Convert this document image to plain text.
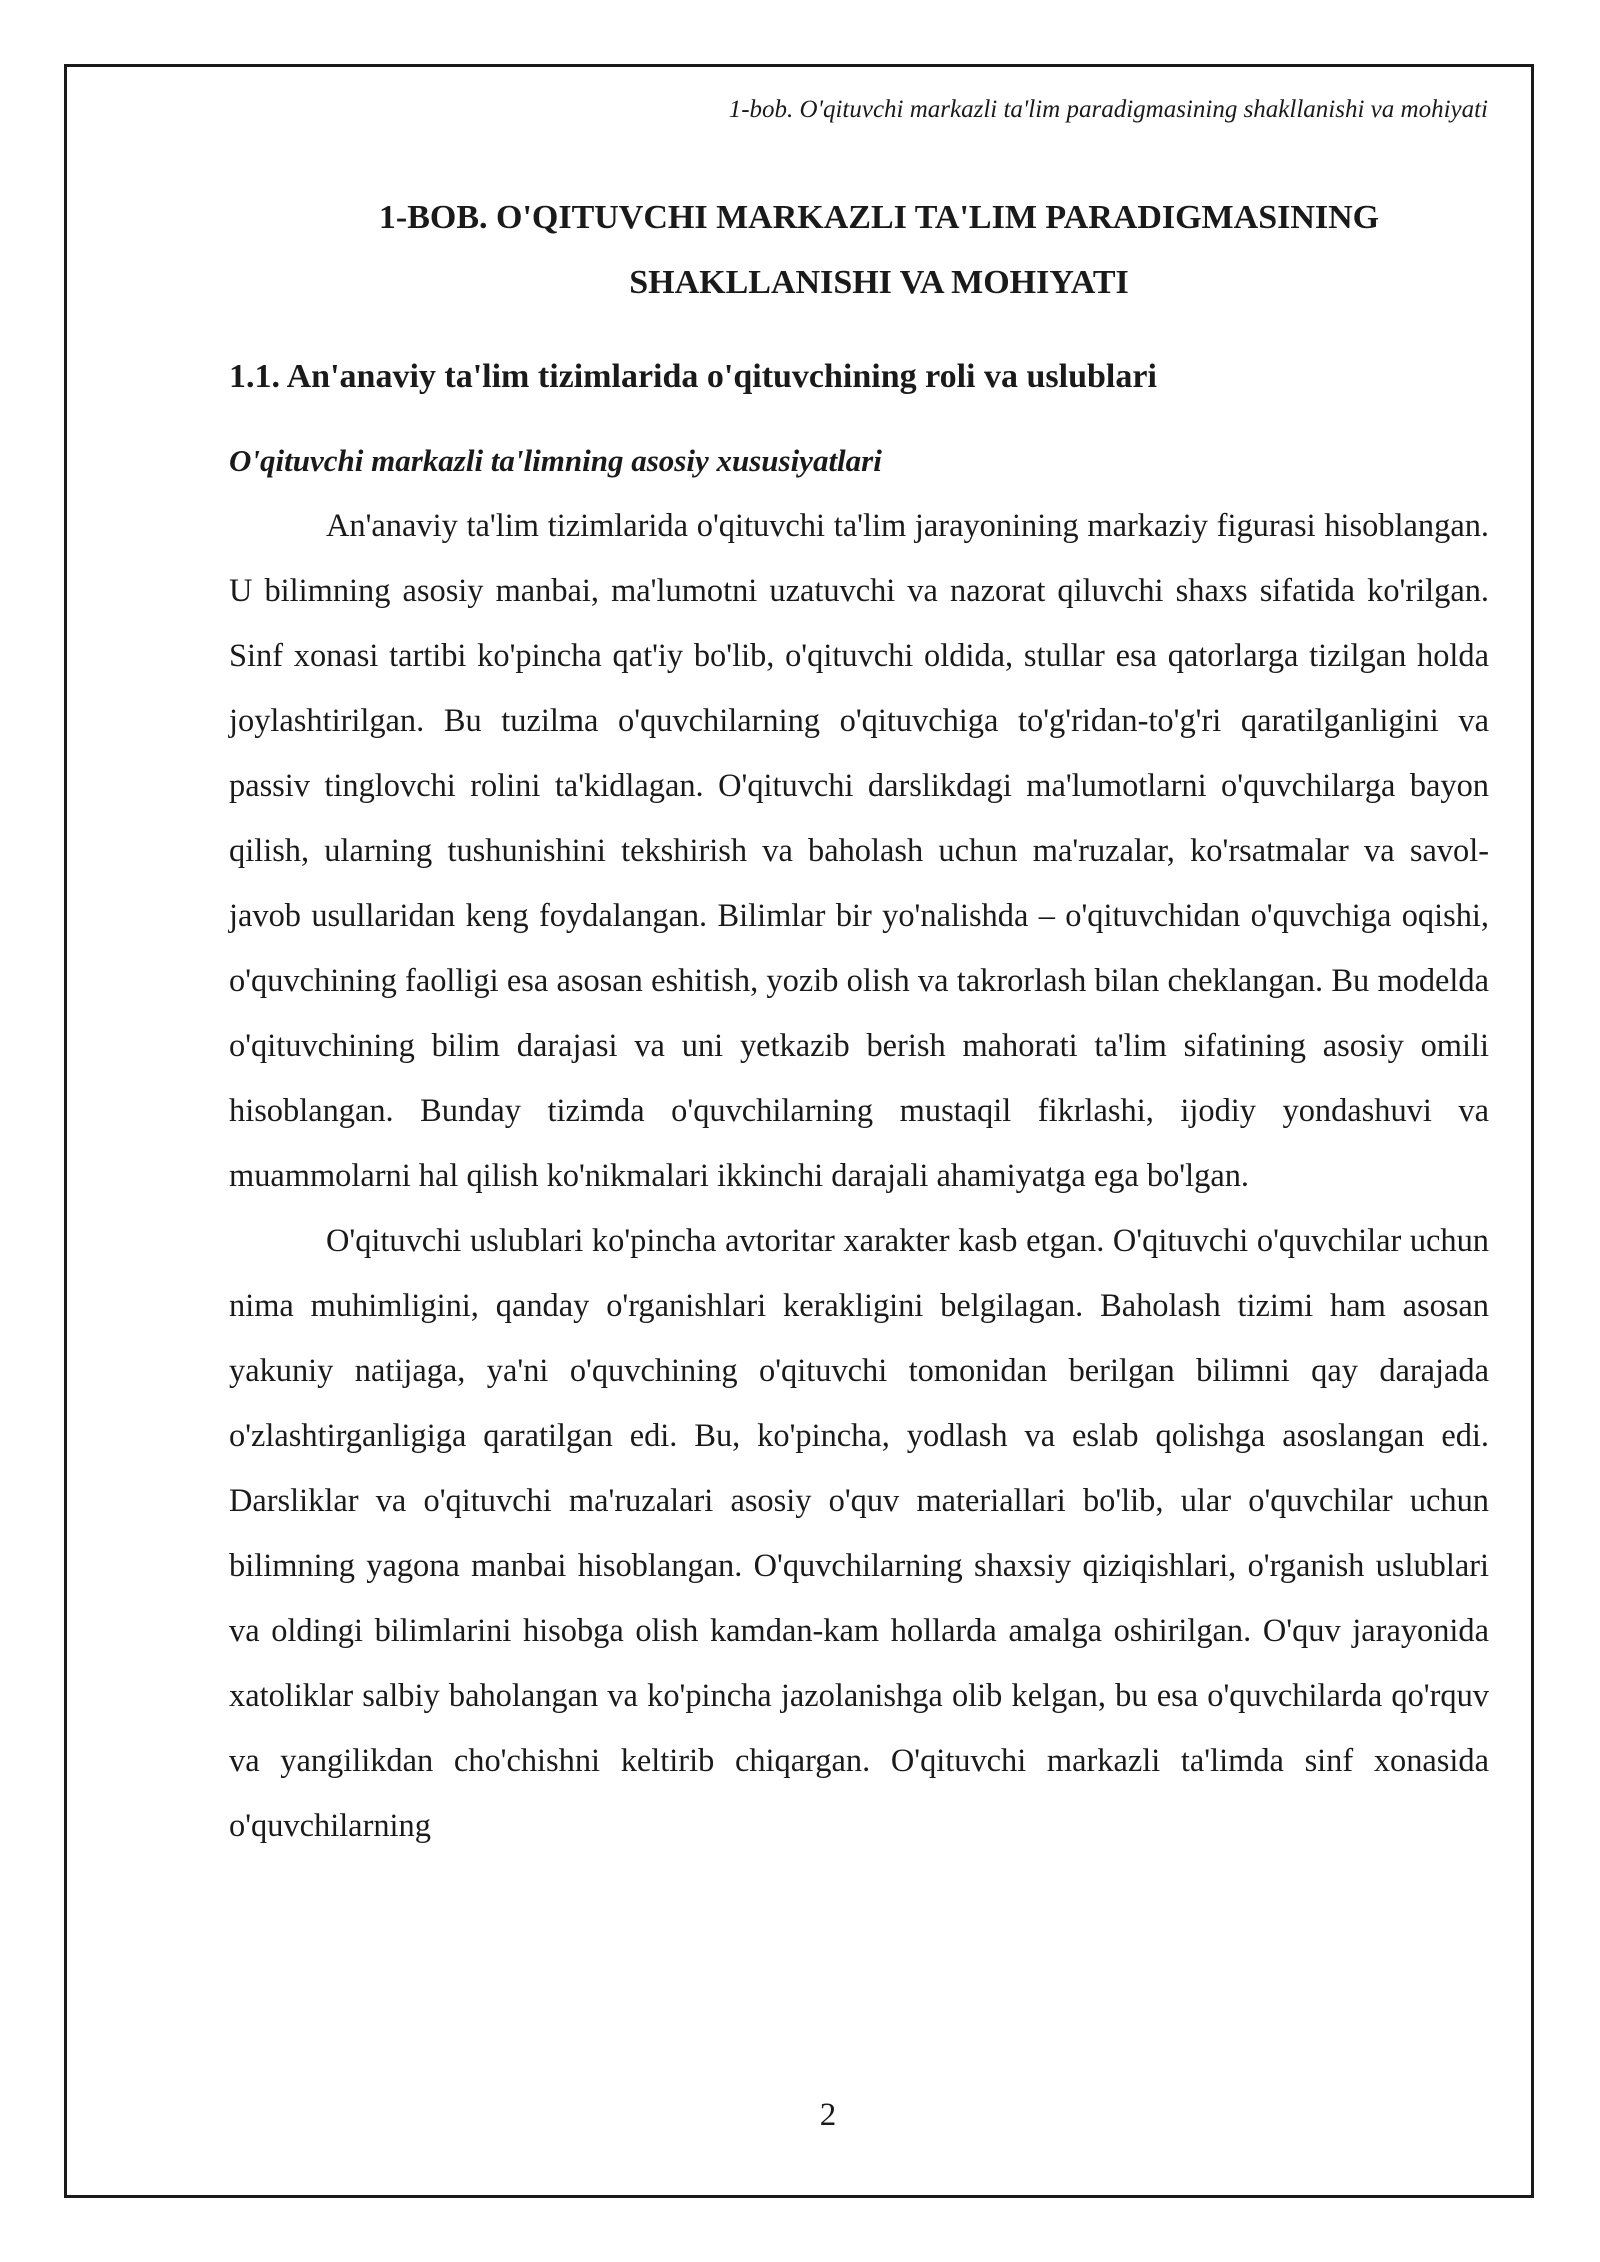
1-bob. O'qituvchi markazli ta'lim paradigmasining shakllanishi va mohiyati
1-BOB. O'QITUVCHI MARKAZLI TA'LIM PARADIGMASINING
SHAKLLANISHI VA MOHIYATI
1.1. An'anaviy ta'lim tizimlarida o'qituvchining roli va uslublari
O'qituvchi markazli ta'limning asosiy xususiyatlari

An'anaviy ta'lim tizimlarida o'qituvchi ta'lim jarayonining markaziy figurasi hisoblangan. U bilimning asosiy manbai, ma'lumotni uzatuvchi va nazorat qiluvchi shaxs sifatida ko'rilgan. Sinf xonasi tartibi ko'pincha qat'iy bo'lib, o'qituvchi oldida, stullar esa qatorlarga tizilgan holda joylashtirilgan. Bu tuzilma o'quvchilarning o'qituvchiga to'g'ridan-to'g'ri qaratilganligini va passiv tinglovchi rolini ta'kidlagan. O'qituvchi darslikdagi ma'lumotlarni o'quvchilarga bayon qilish, ularning tushunishini tekshirish va baholash uchun ma'ruzalar, ko'rsatmalar va savol-javob usullaridan keng foydalangan. Bilimlar bir yo'nalishda – o'qituvchidan o'quvchiga oqishi, o'quvchining faolligi esa asosan eshitish, yozib olish va takrorlash bilan cheklangan. Bu modelda o'qituvchining bilim darajasi va uni yetkazib berish mahorati ta'lim sifatining asosiy omili hisoblangan. Bunday tizimda o'quvchilarning mustaqil fikrlashi, ijodiy yondashuvi va muammolarni hal qilish ko'nikmalari ikkinchi darajali ahamiyatga ega bo'lgan.

O'qituvchi uslublari ko'pincha avtoritar xarakter kasb etgan. O'qituvchi o'quvchilar uchun nima muhimligini, qanday o'rganishlari kerakligini belgilagan. Baholash tizimi ham asosan yakuniy natijaga, ya'ni o'quvchining o'qituvchi tomonidan berilgan bilimni qay darajada o'zlashtirganligiga qaratilgan edi. Bu, ko'pincha, yodlash va eslab qolishga asoslangan edi. Darsliklar va o'qituvchi ma'ruzalari asosiy o'quv materiallari bo'lib, ular o'quvchilar uchun bilimning yagona manbai hisoblangan. O'quvchilarning shaxsiy qiziqishlari, o'rganish uslublari va oldingi bilimlarini hisobga olish kamdan-kam hollarda amalga oshirilgan. O'quv jarayonida xatoliklar salbiy baholangan va ko'pincha jazolanishga olib kelgan, bu esa o'quvchilarda qo'rquv va yangilikdan cho'chishni keltirib chiqargan. O'qituvchi markazli ta'limda sinf xonasida o'quvchilarning

2
